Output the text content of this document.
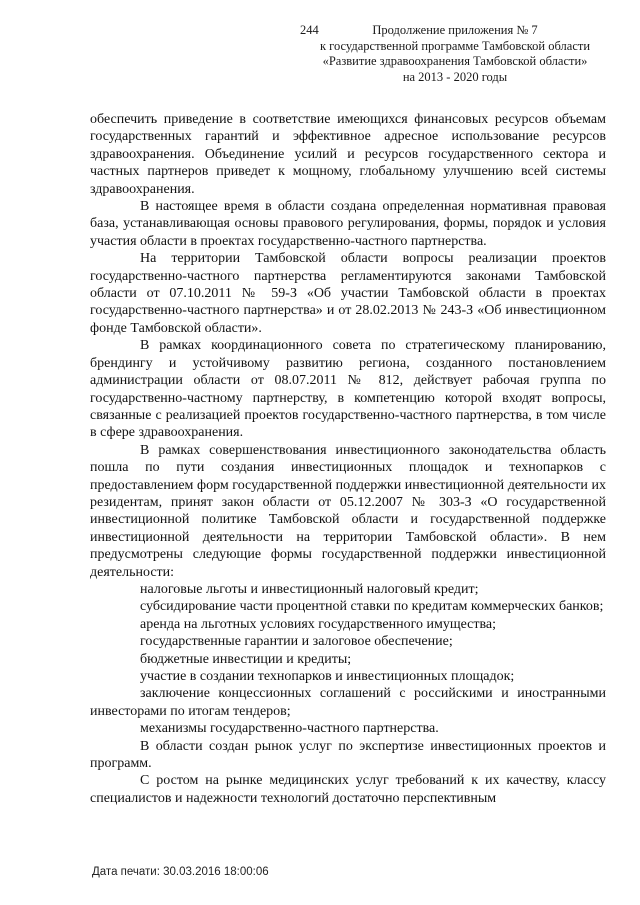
244	Продолжение приложения № 7
к государственной программе Тамбовской области
«Развитие здравоохранения Тамбовской области»
на 2013 - 2020 годы

обеспечить приведение в соответствие имеющихся финансовых ресурсов объемам государственных гарантий и эффективное адресное использование ресурсов здравоохранения. Объединение усилий и ресурсов государственного сектора и частных партнеров приведет к мощному, глобальному улучшению всей системы здравоохранения.

В настоящее время в области создана определенная нормативная правовая база, устанавливающая основы правового регулирования, формы, порядок и условия участия области в проектах государственно-частного партнерства.

На территории Тамбовской области вопросы реализации проектов государственно-частного партнерства регламентируются законами Тамбовской области от 07.10.2011 № 59-З «Об участии Тамбовской области в проектах государственно-частного партнерства» и от 28.02.2013 № 243-З «Об инвестиционном фонде Тамбовской области».

В рамках координационного совета по стратегическому планированию, брендингу и устойчивому развитию региона, созданного постановлением администрации области от 08.07.2011 № 812, действует рабочая группа по государственно-частному партнерству, в компетенцию которой входят вопросы, связанные с реализацией проектов государственно-частного партнерства, в том числе в сфере здравоохранения.

В рамках совершенствования инвестиционного законодательства область пошла по пути создания инвестиционных площадок и технопарков с предоставлением форм государственной поддержки инвестиционной деятельности их резидентам, принят закон области от 05.12.2007 № 303-З «О государственной инвестиционной политике Тамбовской области и государственной поддержке инвестиционной деятельности на территории Тамбовской области». В нем предусмотрены следующие формы государственной поддержки инвестиционной деятельности:

налоговые льготы и инвестиционный налоговый кредит;

субсидирование части процентной ставки по кредитам коммерческих банков;

аренда на льготных условиях государственного имущества;

государственные гарантии и залоговое обеспечение;

бюджетные инвестиции и кредиты;

участие в создании технопарков и инвестиционных площадок;

заключение концессионных соглашений с российскими и иностранными инвесторами по итогам тендеров;

механизмы государственно-частного партнерства.

В области создан рынок услуг по экспертизе инвестиционных проектов и программ.

С ростом на рынке медицинских услуг требований к их качеству, классу специалистов и надежности технологий достаточно перспективным

Дата печати: 30.03.2016 18:00:06
